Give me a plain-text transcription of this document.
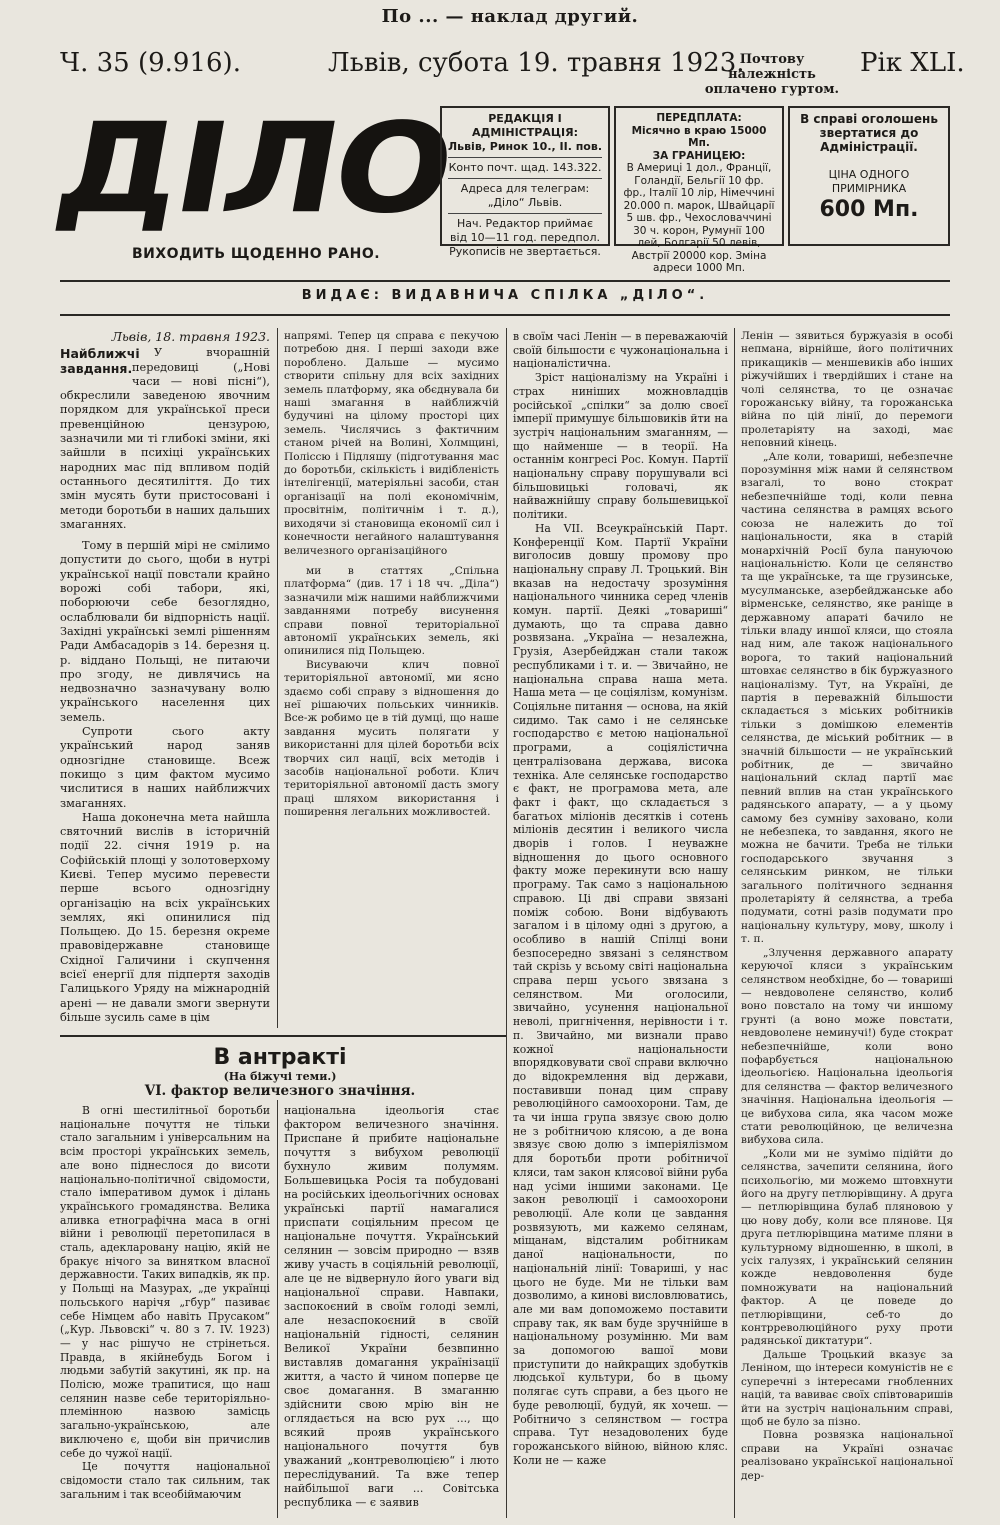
По ... — наклад другий.
Ч. 35 (9.916).	Львів, субота 19. травня 1923.
Почтову належність оплачено гуртом.
Рік XLI.
ДІЛО
ВИХОДИТЬ ЩОДЕННО РАНО.
РЕДАКЦІЯ І АДМІНІСТРАЦІЯ:
Львів, Ринок 10., II. пов.
Конто почт. щад. 143.322.
Адреса для телеграм: „Діло“ Львів.
Нач. Редактор приймає від 10—11 год. передпол.
Рукописів не звертається.
ПЕРЕДПЛАТА:
Місячно в краю 15000 Мп.
ЗА ГРАНИЦЕЮ:
В Америці 1 дол., Франції, Голандії, Бельгії 10 фр. фр., Італії 10 лір, Німеччині 20.000 п. марок, Швайцарії 5 шв. фр., Чехословаччині 30 ч. корон, Румунії 100 лей, Болгарії 50 левів, Австрії 20000 кор. Зміна адреси 1000 Мп.
В справі оголошень звертатися до Адміністрації.
ЦІНА ОДНОГО ПРИМІРНИКА
600 Мп.
ВИДАЄ: ВИДАВНИЧА СПІЛКА „ДІЛО“.
Львів, 18. травня 1923.
Найближчі завдання.

У вчорашній передовиці („Нові часи — нові пісні“), обкреслили заведеною явочним порядком для української преси превенційною цензурою, зазначили ми ті глибокі зміни, які зайшли в психіці українських народних мас під впливом подій останнього десятиліття. До тих змін мусять бути пристосовані і методи боротьби в наших дальших змаганнях.

Тому в першій мірі не смілимо допустити до сього, щоби в нутрі української нації повстали крайно ворожі собі табори, які, поборюючи себе безоглядно, ослаблювали би відпорність нації. Західні українські землі рішенням Ради Амбасадорів з 14. березня ц. р. віддано Польщі, не питаючи про згоду, не дивлячись на недвозначно зазначувану волю українського населення цих земель.

Супроти сього акту український народ заняв однозгідне становище. Всеж покищо з цим фактом мусимо числитися в наших найближчих змаганнях.

Наша доконечна мета найшла святочний вислів в історичній події 22. січня 1919 р. на Софійській площі у золотоверхому Києві. Тепер мусимо перевести перше всього однозгідну організацію на всіх українських землях, які опинилися під Польщею. До 15. березня окреме правовідержавне становище Східної Галичини і скупчення всієї енергії для підпертя заходів Галицького Уряду на міжнародній арені — не давали змоги звернути більше зусиль саме в цім

напрямі. Тепер ця справа є пекучою потребою дня. І перші заходи вже пороблено. Дальше — мусимо створити спільну для всіх західних земель платформу, яка обєднувала би наші змагання в найближчій будучині на цілому просторі цих земель. Числячись з фактичним станом річей на Волині, Холмщині, Поліссю і Підляшу (підготування мас до боротьби, скількість і видібленість інтелігенції, матеріяльні засоби, стан організації на полі економічнім, просвітнім, політичнім і т. д.), виходячи зі становища економії сил і конечности негайного налаштування величезного організаційного

ми в статтях „Спільна платформа“ (див. 17 і 18 чч. „Діла“) зазначили між нашими найближчими завданнями потребу висунення справи повної територіальної автономії українських земель, які опинилися під Польщею.

Висуваючи клич повної територіяльної автономії, ми ясно здаємо собі справу з відношення до неї рішаючих польських чинників. Все-ж робимо це в тій думці, що наше завдання мусить полягати у використанні для цілей боротьби всіх творчих сил нації, всіх методів і засобів національної роботи. Клич територіяльної автономії дасть змогу праці шляхом використання і поширення легальних можливостей.

в своїм часі Ленін — в переважаючій своїй більшости є чужонаціональна і націоналістична.

Зріст націоналізму на Україні і страх ниніших можновладців російської „спілки“ за долю своєї імперії примушує більшовиків йти на зустріч національним змаганням, — що найменше — в теорії. На останнім конгресі Рос. Комун. Партії національну справу порушували всі більшовицькі головачі, як найважнійшу справу большевицької політики.

На VII. Всеукраїнській Парт. Конференції Ком. Партії України виголосив довшу промову про національну справу Л. Троцький. Він вказав на недостачу зрозуміння національного чинника серед членів комун. партії. Деякі „товариші“ думають, що та справа давно розвязана. „Україна — незалежна, Грузія, Азербейджан стали також республиками і т. и. — Звичайно, не національна справа наша мета. Наша мета — це соціялізм, комунізм. Соціяльне питання — основа, на якій сидимо. Так само і не селянське господарство є метою національної програми, а соціялістична централізована держава, висока техніка. Але селянське господарство є факт, не програмова мета, але факт і факт, що складається з багатьох міліонів десятків і сотень міліонів десятин і великого числа дворів і голов. І неуважне відношення до цього основного факту може перекинути всю нашу програму. Так само з національною справою. Ці дві справи звязані поміж собою. Вони відбувають загалом і в цілому одні з другою, а особливо в нашій Спілці вони безпосередно звязані з селянством тай скрізь у всьому світі національна справа перш усього звязана з селянством. Ми оголосили, звичайно, усунення національної неволі, пригнічення, нерівности і т. п. Звичайно, ми визнали право кожної національности впорядковувати свої справи включно до відокремлення від держави, поставивши понад цим справу революційного самоохорони. Там, де та чи інша група звязує свою долю не з робітничою клясою, а де вона звязує свою долю з імперіялізмом для боротьби проти робітничої кляси, там закон клясової війни руба над усіми іншими законами. Це закон революції і самоохорони революції. Але коли це завдання розвязують, ми кажемо селянам, міщанам, відсталим робітникам даної національности, по національній лінії: Товариші, у нас цього не буде. Ми не тільки вам дозволимо, а кинові висловлюватись, але ми вам допоможемо поставити справу так, як вам буде зручнійше в національному розумінню. Ми вам за допомогою вашої мови приступити до найкращих здобутків людської культури, бо в цьому полягає суть справи, а без цього не буде революції, будуй, як хочеш. — Робітничо з селянством — гостра справа. Тут незадоволених буде горожанського війною, війною кляс. Коли не — каже

Ленін — зявиться буржуазія в особі непмана, вірнійше, його політичних прикащиків — меншевиків або інших ріжучійших і твердійших і стане на чолі селянства, то це означає горожанську війну, та горожанська війна по цій лінії, до перемоги пролетаріяту на заході, має неповний кінець.

„Але коли, товариші, небезпечне порозуміння між нами й селянством взагалі, то воно стократ небезпечнійше тоді, коли певна частина селянства в рамцях всього союза не належить до тої національности, яка в старій монархічній Росії була пануючою національністю. Коли це селянство та ще українське, та ще грузинське, мусулманське, азербейджанське або вірменське, селянство, яке раніще в державному апараті бачило не тільки владу иншої кляси, що стояла над ним, але також національного ворога, то такий національний штовхає селянство в бік буржуазного націоналізму. Тут, на Україні, де партія в переважній більшости складається з міських робітників тільки з домішкою елементів селянства, де міський робітник — в значній більшости — не український робітник, де — звичайно національний склад партії має певний вплив на стан українського радянського апарату, — а у цьому самому без сумніву заховано, коли не небезпека, то завдання, якого не можна не бачити. Треба не тільки господарського звучання з селянським ринком, не тільки загального політичного зєднання пролетаріяту й селянства, а треба подумати, сотні разів подумати про національну культуру, мову, школу і т. п.

„Злучення державного апарату керуючої кляси з українським селянством необхідне, бо — товариші — невдоволене селянство, колиб воно повстало на тому чи иншому грунті (а воно може повстати, невдоволене неминучі!) буде стократ небезпечнійше, коли воно пофарбується національною ідеольогією. Національна ідеольогія для селянства — фактор величезного значіння. Національна ідеольогія — це вибухова сила, яка часом може стати революційною, це величезна вибухова сила.

„Коли ми не зумімо підійти до селянства, зачепити селянина, його психольогію, ми можемо штовхнути його на другу петлюрівщину. А друга — петлюрівщина булаб пляновою у цю нову добу, коли все плянове. Ця друга петлюрівщина матиме пляни в культурному відношенню, в школі, в усіх галузях, і український селянин кожде невдоволення буде помножувати на національний фактор. А це поведе до петлюрівщини, себ-то до контрреволюційного руху проти радянської диктатури“.

Дальше Троцький вказує за Леніном, що інтереси комуністів не є суперечні з інтересами гнобленних націй, та вавиває своїх співтоваришів йти на зустріч національним справі, щоб не було за пізно.

Повна розвязка національної справи на Україні означає реалізовано української національної дер-

В антракті
(На біжучі теми.)
VI. фактор величезного значіння.

В огні шестилітньої боротьби національне почуття не тільки стало загальним і універсальним на всім просторі українських земель, але воно піднеслося до висоти національно-політичної свідомости, стало імперативом думок і ділань українського громадянства. Велика аливка етнографічна маса в огні війни і революції перетопилася в сталь, адекларовану націю, якій не бракує нічого за винятком власної державности. Таких випадків, як пр. у Польщі на Мазурах, „де українці польського нарічя „гбур“ пазиває себе Німцем або навіть Прусаком“ („Кур. Львовскі“ ч. 80 з 7. IV. 1923) — у нас рішучо не стрінеться. Правда, в якійнебудь Богом і людьми забутій закутині, як пр. на Полісю, може трапитися, що наш селянин назве себе територіяльно-племінною назвою замісць загально-українською, але виключено є, щоби він причислив себе до чужої нації.

Це почуття національної свідомости стало так сильним, так загальним і так всеобіймаючим

національна ідеольогія стає фактором величезного значіння. Приспане й прибите національне почуття з вибухом революції бухнуло живим полумям. Большевицька Росія та побудовані на російських ідеольогічних основах українські партії намагалися приспати соціяльним пресом це національне почуття. Український селянин — зовсім природно — взяв живу участь в соціяльній революції, але це не відвернуло його уваги від національної справи. Навпаки, заспокоєний в своїм голоді землі, але незаспокоєний в своїй національній гідності, селянин Великої України безвпинно виставляв домагання українізації життя, а часто й чином поперве це своє домагання. В змаганню здійснити свою мрію він не оглядається на всю рух ..., що всякий прояв українського національного почуття був уважаний „контреволюцією“ і люто переслідуваний. Та вже тепер найбільшої ваги ... Совітська республика — є заявив
